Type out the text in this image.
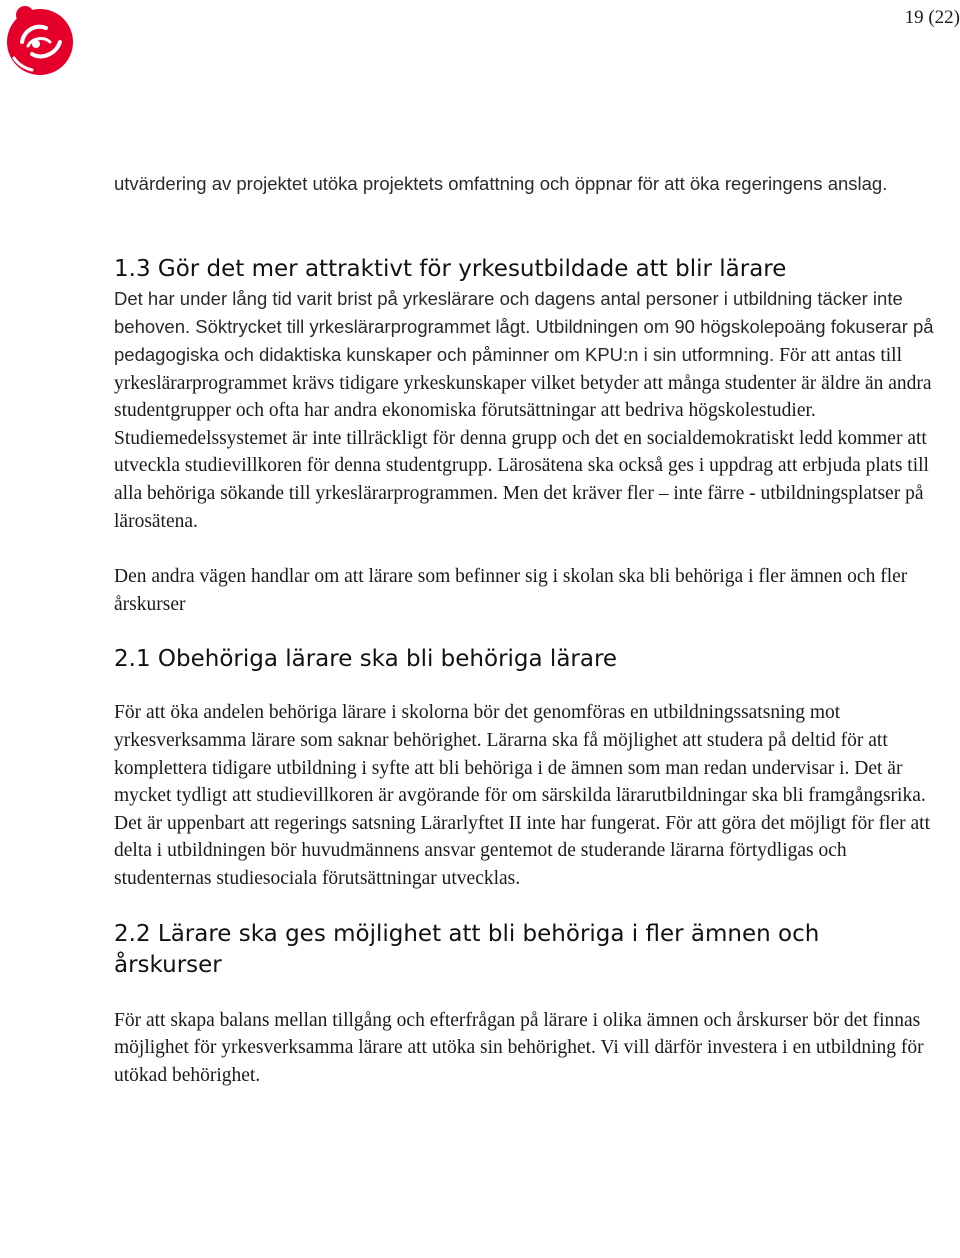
19 (22)

utvärdering av projektet utöka projektets omfattning och öppnar för att öka regeringens anslag.

1.3 Gör det mer attraktivt för yrkesutbildade att blir lärare

Det har under lång tid varit brist på yrkeslärare och dagens antal personer i utbildning täcker inte behoven. Söktrycket till yrkeslärarprogrammet lågt. Utbildningen om 90 högskolepoäng fokuserar på pedagogiska och didaktiska kunskaper och påminner om KPU:n i sin utformning.

För att antas till yrkeslärarprogrammet krävs tidigare yrkeskunskaper vilket betyder att många studenter är äldre än andra studentgrupper och ofta har andra ekonomiska förutsättningar att bedriva högskolestudier. Studiemedelssystemet är inte tillräckligt för denna grupp och det en socialdemokratiskt ledd kommer att utveckla studievillkoren för denna studentgrupp. Lärosätena ska också ges i uppdrag att erbjuda plats till alla behöriga sökande till yrkeslärarprogrammen. Men det kräver fler – inte färre - utbildningsplatser på lärosätena.

Den andra vägen handlar om att lärare som befinner sig i skolan ska bli behöriga i fler ämnen och fler årskurser

2.1 Obehöriga lärare ska bli behöriga lärare

För att öka andelen behöriga lärare i skolorna bör det genomföras en utbildningssatsning mot yrkesverksamma lärare som saknar behörighet. Lärarna ska få möjlighet att studera på deltid för att komplettera tidigare utbildning i syfte att bli behöriga i de ämnen som man redan undervisar i. Det är mycket tydligt att studievillkoren är avgörande för om särskilda lärarutbildningar ska bli framgångsrika. Det är uppenbart att regerings satsning Lärarlyftet II inte har fungerat. För att göra det möjligt för fler att delta i utbildningen bör huvudmännens ansvar gentemot de studerande lärarna förtydligas och studenternas studiesociala förutsättningar utvecklas.

2.2 Lärare ska ges möjlighet att bli behöriga i fler ämnen och årskurser

För att skapa balans mellan tillgång och efterfrågan på lärare i olika ämnen och årskurser bör det finnas möjlighet för yrkesverksamma lärare att utöka sin behörighet. Vi vill därför investera i en utbildning för utökad behörighet.
